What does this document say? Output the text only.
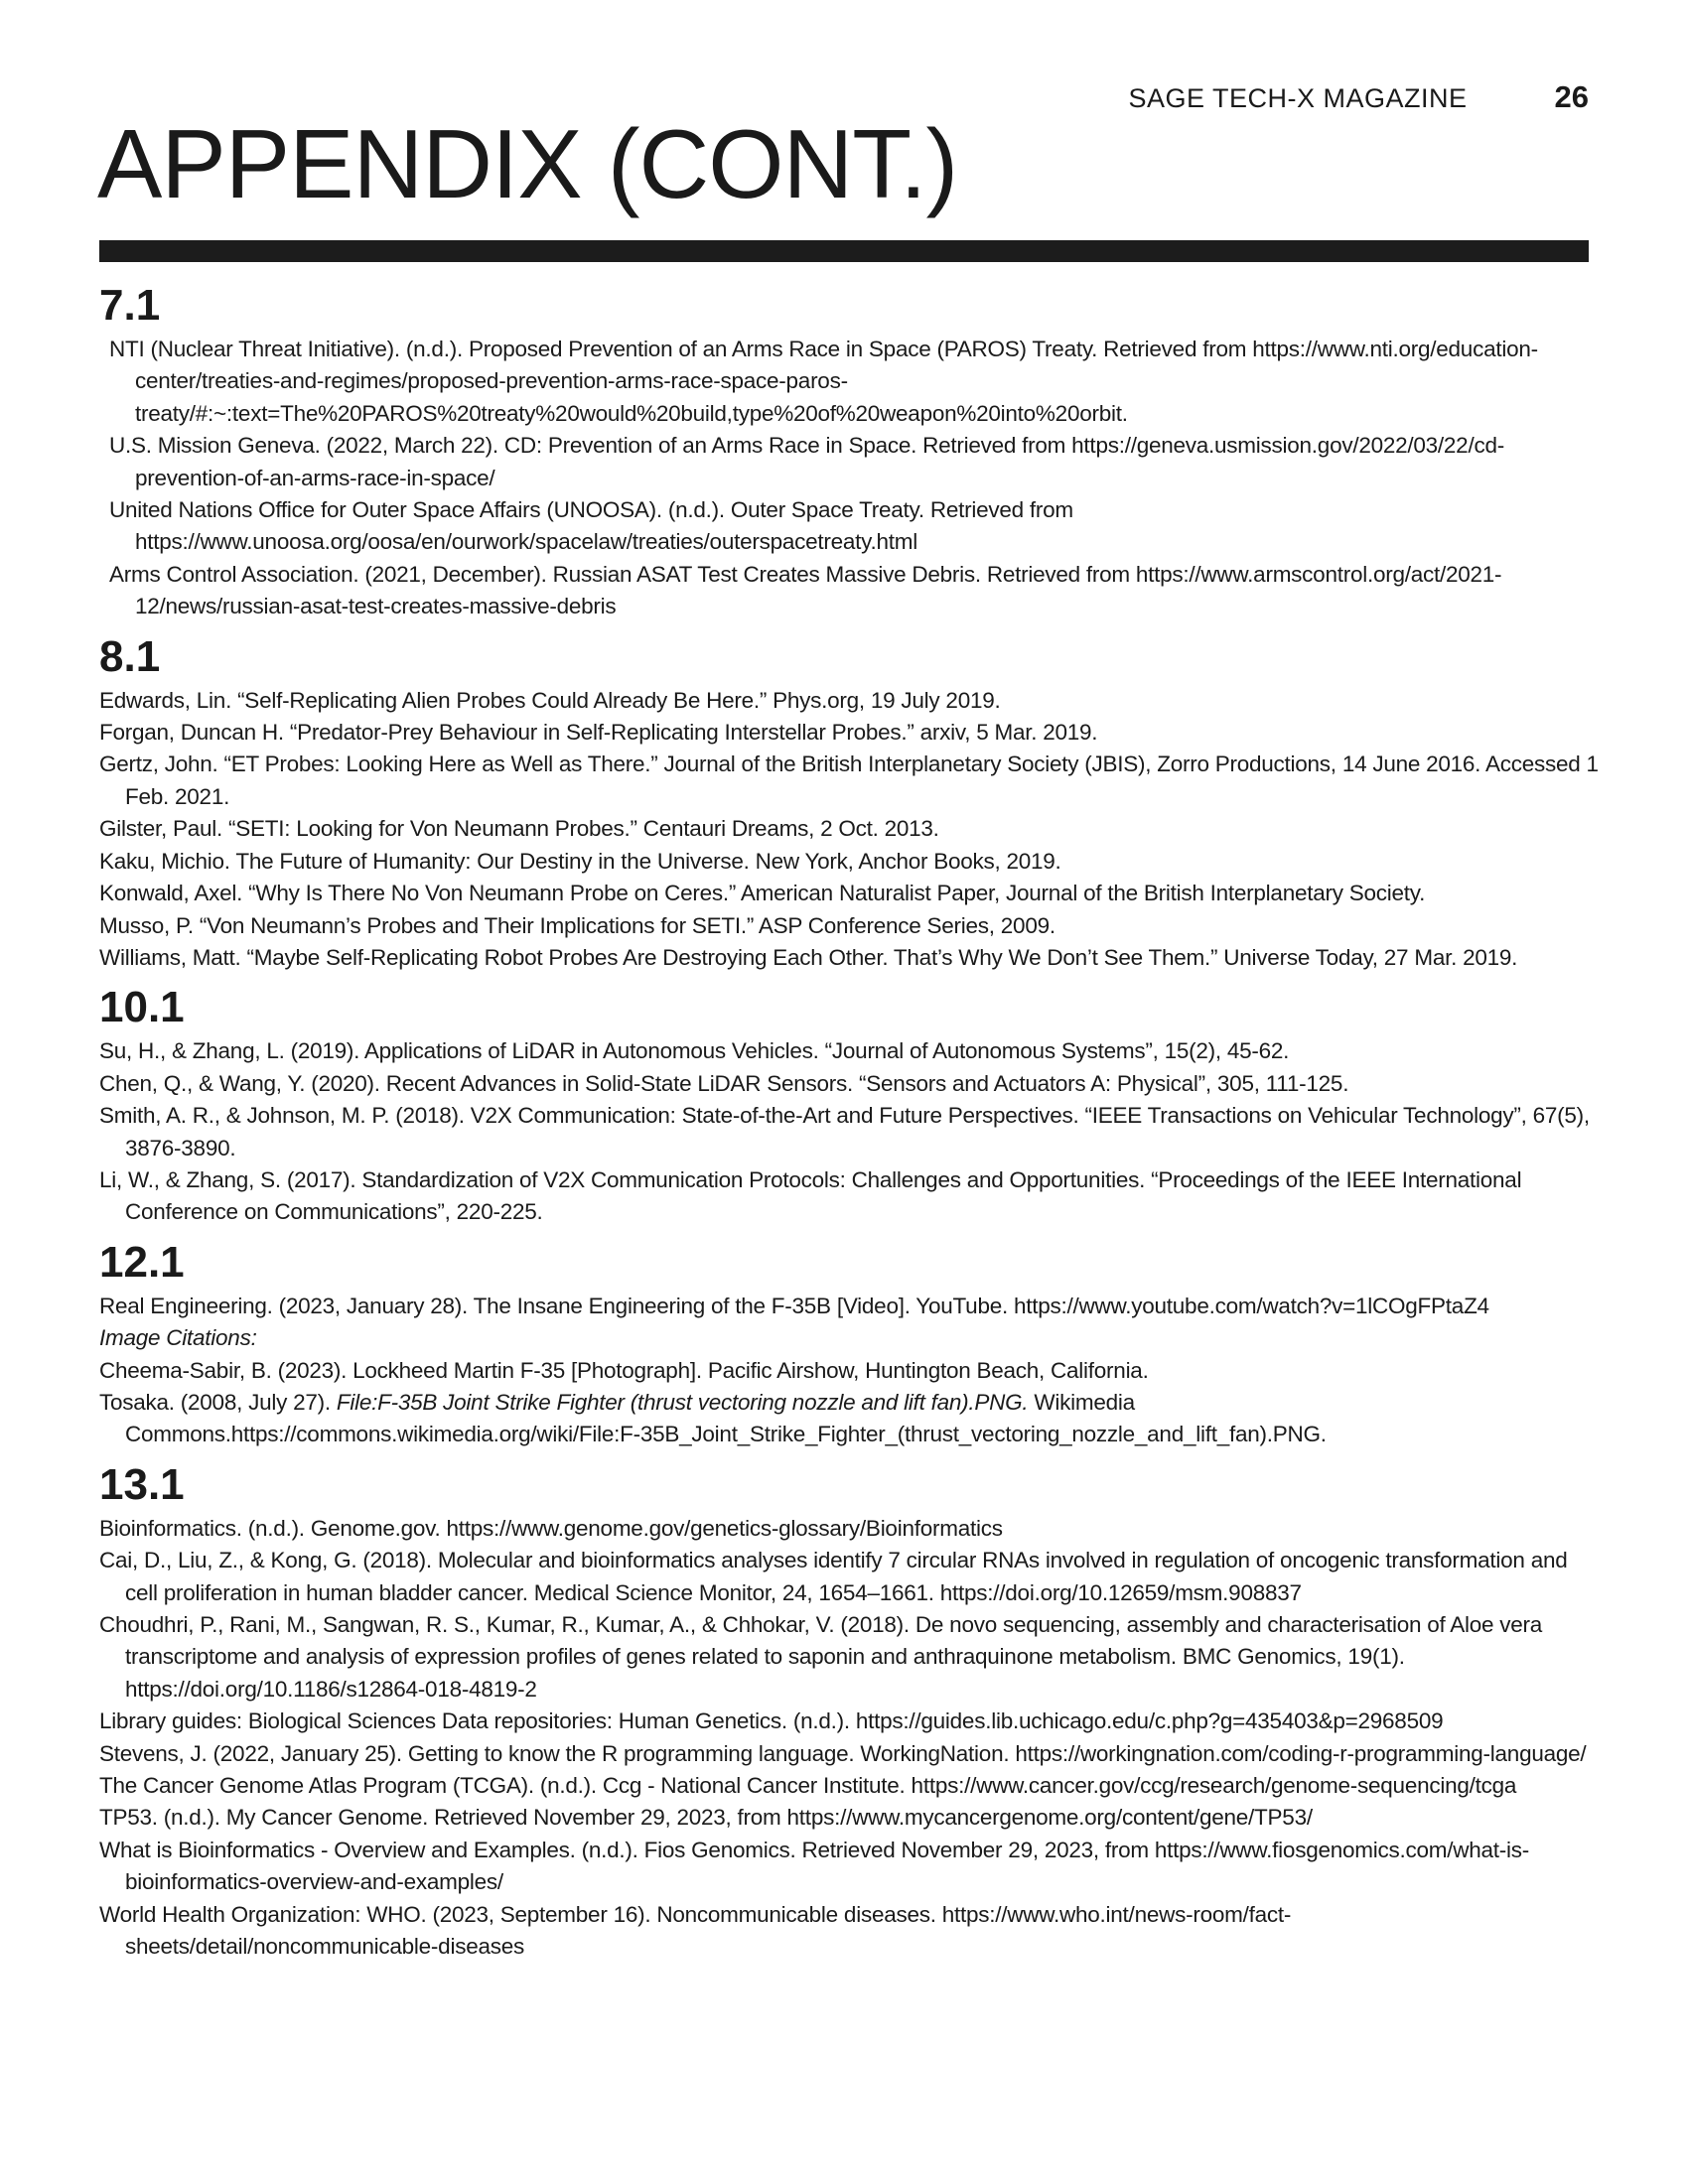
SAGE TECH-X MAGAZINE	26
APPENDIX (CONT.)
7.1
NTI (Nuclear Threat Initiative). (n.d.). Proposed Prevention of an Arms Race in Space (PAROS) Treaty. Retrieved from https://www.nti.org/education-center/treaties-and-regimes/proposed-prevention-arms-race-space-paros-treaty/#:~:text=The%20PAROS%20treaty%20would%20build,type%20of%20weapon%20into%20orbit.
U.S. Mission Geneva. (2022, March 22). CD: Prevention of an Arms Race in Space. Retrieved from https://geneva.usmission.gov/2022/03/22/cd-prevention-of-an-arms-race-in-space/
United Nations Office for Outer Space Affairs (UNOOSA). (n.d.). Outer Space Treaty. Retrieved from https://www.unoosa.org/oosa/en/ourwork/spacelaw/treaties/outerspacetreaty.html
Arms Control Association. (2021, December). Russian ASAT Test Creates Massive Debris. Retrieved from https://www.armscontrol.org/act/2021-12/news/russian-asat-test-creates-massive-debris
8.1
Edwards, Lin. “Self-Replicating Alien Probes Could Already Be Here.” Phys.org, 19 July 2019.
Forgan, Duncan H. “Predator-Prey Behaviour in Self-Replicating Interstellar Probes.” arxiv, 5 Mar. 2019.
Gertz, John. “ET Probes: Looking Here as Well as There.” Journal of the British Interplanetary Society (JBIS), Zorro Productions, 14 June 2016. Accessed 1 Feb. 2021.
Gilster, Paul. “SETI: Looking for Von Neumann Probes.” Centauri Dreams, 2 Oct. 2013.
Kaku, Michio. The Future of Humanity: Our Destiny in the Universe. New York, Anchor Books, 2019.
Konwald, Axel. “Why Is There No Von Neumann Probe on Ceres.” American Naturalist Paper, Journal of the British Interplanetary Society.
Musso, P. “Von Neumann’s Probes and Their Implications for SETI.” ASP Conference Series, 2009.
Williams, Matt. “Maybe Self-Replicating Robot Probes Are Destroying Each Other. That’s Why We Don’t See Them.” Universe Today, 27 Mar. 2019.
10.1
Su, H., & Zhang, L. (2019). Applications of LiDAR in Autonomous Vehicles. “Journal of Autonomous Systems”, 15(2), 45-62.
Chen, Q., & Wang, Y. (2020). Recent Advances in Solid-State LiDAR Sensors. “Sensors and Actuators A: Physical”, 305, 111-125.
Smith, A. R., & Johnson, M. P. (2018). V2X Communication: State-of-the-Art and Future Perspectives. “IEEE Transactions on Vehicular Technology”, 67(5), 3876-3890.
Li, W., & Zhang, S. (2017). Standardization of V2X Communication Protocols: Challenges and Opportunities. “Proceedings of the IEEE International Conference on Communications”, 220-225.
12.1
Real Engineering. (2023, January 28). The Insane Engineering of the F-35B [Video]. YouTube. https://www.youtube.com/watch?v=1lCOgFPtaZ4
Image Citations:
Cheema-Sabir, B. (2023). Lockheed Martin F-35 [Photograph]. Pacific Airshow, Huntington Beach, California.
Tosaka. (2008, July 27). File:F-35B Joint Strike Fighter (thrust vectoring nozzle and lift fan).PNG. Wikimedia Commons.https://commons.wikimedia.org/wiki/File:F-35B_Joint_Strike_Fighter_(thrust_vectoring_nozzle_and_lift_fan).PNG.
13.1
Bioinformatics. (n.d.). Genome.gov. https://www.genome.gov/genetics-glossary/Bioinformatics
Cai, D., Liu, Z., & Kong, G. (2018). Molecular and bioinformatics analyses identify 7 circular RNAs involved in regulation of oncogenic transformation and cell proliferation in human bladder cancer. Medical Science Monitor, 24, 1654–1661. https://doi.org/10.12659/msm.908837
Choudhri, P., Rani, M., Sangwan, R. S., Kumar, R., Kumar, A., & Chhokar, V. (2018). De novo sequencing, assembly and characterisation of Aloe vera transcriptome and analysis of expression profiles of genes related to saponin and anthraquinone metabolism. BMC Genomics, 19(1). https://doi.org/10.1186/s12864-018-4819-2
Library guides: Biological Sciences Data repositories: Human Genetics. (n.d.). https://guides.lib.uchicago.edu/c.php?g=435403&p=2968509
Stevens, J. (2022, January 25). Getting to know the R programming language. WorkingNation. https://workingnation.com/coding-r-programming-language/
The Cancer Genome Atlas Program (TCGA). (n.d.). Ccg - National Cancer Institute. https://www.cancer.gov/ccg/research/genome-sequencing/tcga
TP53. (n.d.). My Cancer Genome. Retrieved November 29, 2023, from https://www.mycancergenome.org/content/gene/TP53/
What is Bioinformatics - Overview and Examples. (n.d.). Fios Genomics. Retrieved November 29, 2023, from https://www.fiosgenomics.com/what-is-bioinformatics-overview-and-examples/
World Health Organization: WHO. (2023, September 16). Noncommunicable diseases. https://www.who.int/news-room/fact-sheets/detail/noncommunicable-diseases
